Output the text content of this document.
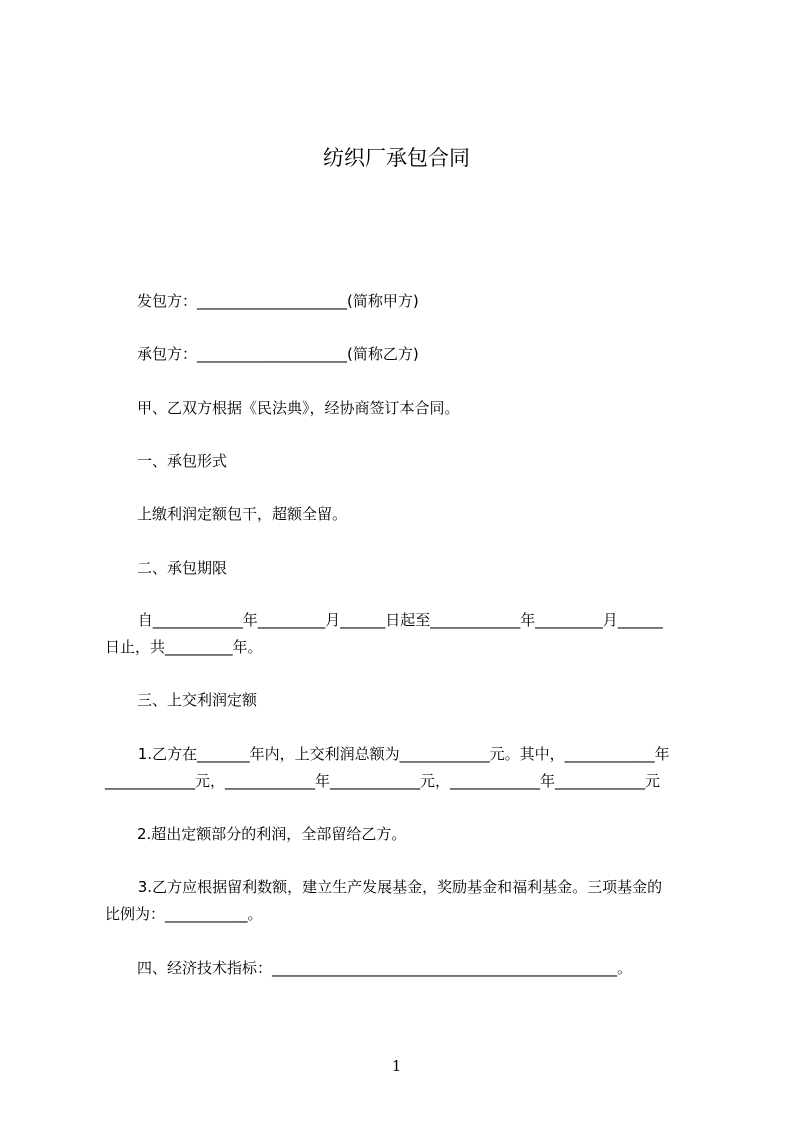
纺织厂承包合同

发包方：____________________(简称甲方)

承包方：____________________(简称乙方)

甲、乙双方根据《民法典》，经协商签订本合同。

一、承包形式

上缴利润定额包干，超额全留。

二、承包期限

自____________年_________月______日起至____________年_________月______

日止，共_________年。

三、上交利润定额

1.乙方在_______年内，上交利润总额为____________元。其中，____________年

____________元，____________年____________元，____________年____________元

2.超出定额部分的利润，全部留给乙方。

3.乙方应根据留利数额，建立生产发展基金，奖励基金和福利基金。三项基金的

比例为：___________。

四、经济技术指标：______________________________________________。

1
